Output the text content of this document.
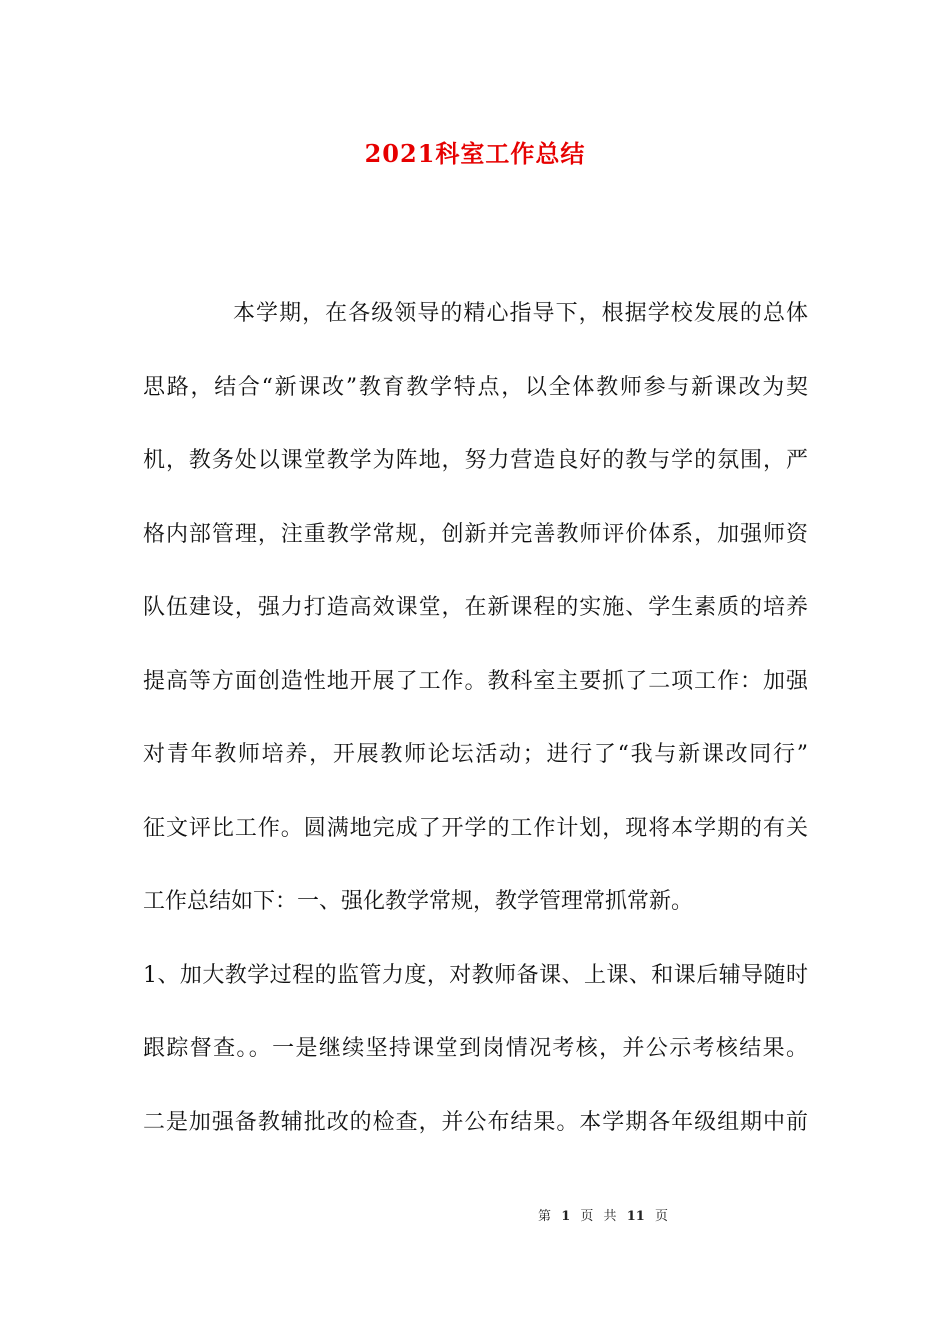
2021科室工作总结
本学期，在各级领导的精心指导下，根据学校发展的总体
思路，结合“新课改”教育教学特点，以全体教师参与新课改为契
机，教务处以课堂教学为阵地，努力营造良好的教与学的氛围，严
格内部管理，注重教学常规，创新并完善教师评价体系，加强师资
队伍建设，强力打造高效课堂，在新课程的实施、学生素质的培养
提高等方面创造性地开展了工作。教科室主要抓了二项工作：加强
对青年教师培养，开展教师论坛活动；进行了“我与新课改同行”
征文评比工作。圆满地完成了开学的工作计划，现将本学期的有关
工作总结如下：一、强化教学常规，教学管理常抓常新。
1、加大教学过程的监管力度，对教师备课、上课、和课后辅导随时
跟踪督查。。一是继续坚持课堂到岗情况考核，并公示考核结果。
二是加强备教辅批改的检查，并公布结果。本学期各年级组期中前
第 1 页 共 11 页
